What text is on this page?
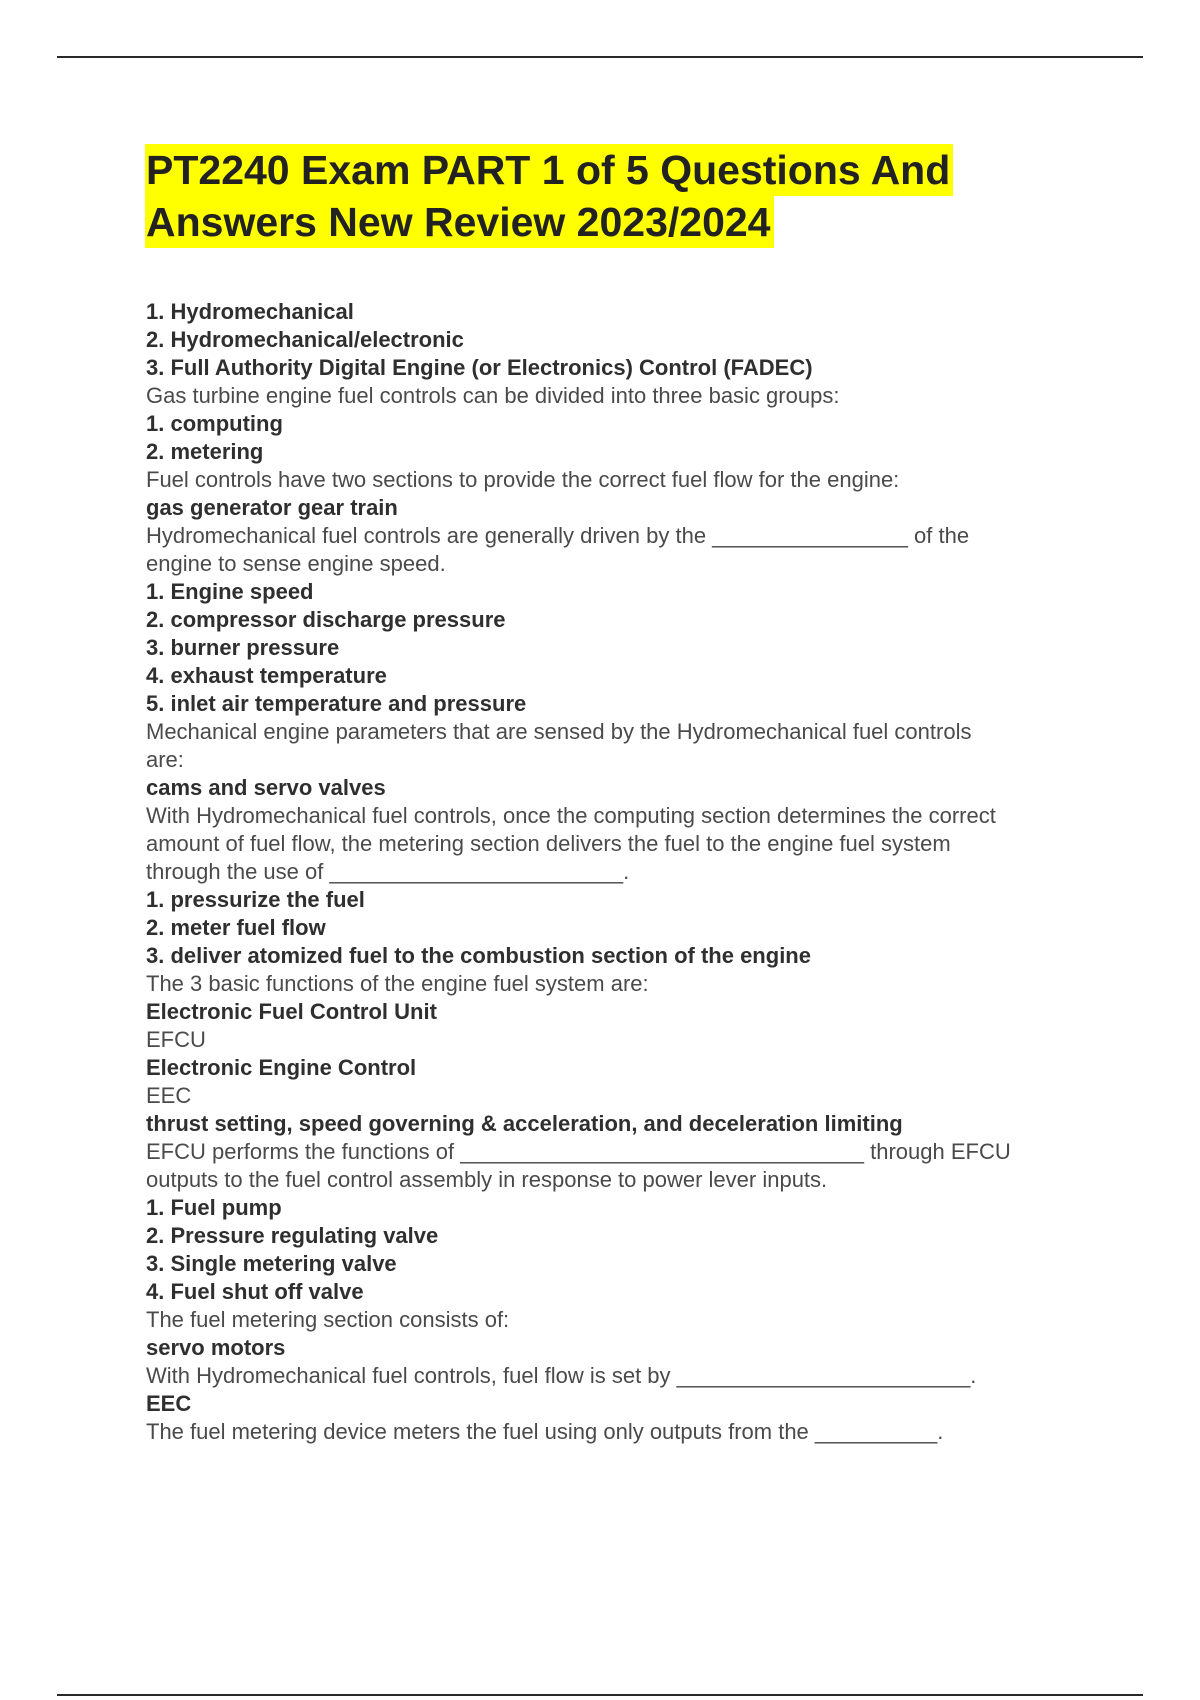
PT2240 Exam PART 1 of 5 Questions And
Answers New Review 2023/2024
1. Hydromechanical
2. Hydromechanical/electronic
3. Full Authority Digital Engine (or Electronics) Control (FADEC)
Gas turbine engine fuel controls can be divided into three basic groups:
1. computing
2. metering
Fuel controls have two sections to provide the correct fuel flow for the engine:
gas generator gear train
Hydromechanical fuel controls are generally driven by the ________________ of the
engine to sense engine speed.
1. Engine speed
2. compressor discharge pressure
3. burner pressure
4. exhaust temperature
5. inlet air temperature and pressure
Mechanical engine parameters that are sensed by the Hydromechanical fuel controls
are:
cams and servo valves
With Hydromechanical fuel controls, once the computing section determines the correct
amount of fuel flow, the metering section delivers the fuel to the engine fuel system
through the use of ________________________.
1. pressurize the fuel
2. meter fuel flow
3. deliver atomized fuel to the combustion section of the engine
The 3 basic functions of the engine fuel system are:
Electronic Fuel Control Unit
EFCU
Electronic Engine Control
EEC
thrust setting, speed governing & acceleration, and deceleration limiting
EFCU performs the functions of _________________________________ through EFCU
outputs to the fuel control assembly in response to power lever inputs.
1. Fuel pump
2. Pressure regulating valve
3. Single metering valve
4. Fuel shut off valve
The fuel metering section consists of:
servo motors
With Hydromechanical fuel controls, fuel flow is set by ________________________.
EEC
The fuel metering device meters the fuel using only outputs from the __________.
